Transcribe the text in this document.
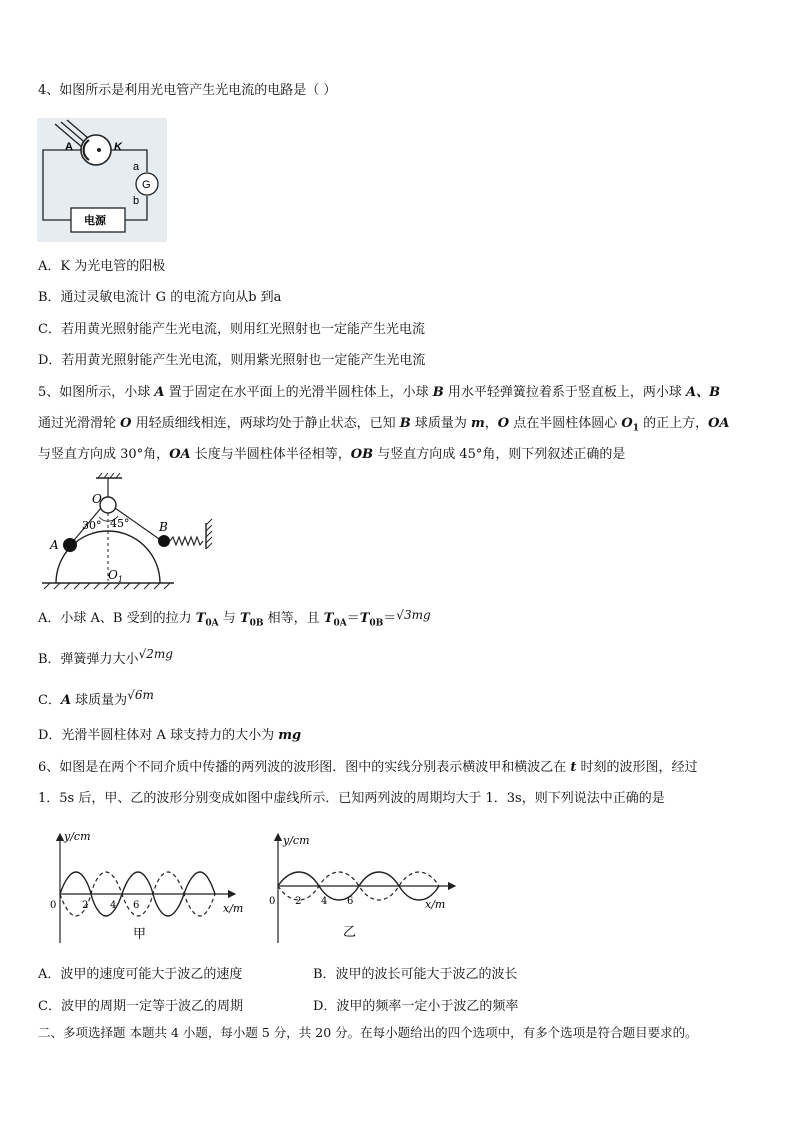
4、如图所示是利用光电管产生光电流的电路是（ ）
A	K
a
b
G
电源
A．K 为光电管的阳极
B．通过灵敏电流计 G 的电流方向从b 到a
C．若用黄光照射能产生光电流，则用红光照射也一定能产生光电流
D．若用黄光照射能产生光电流，则用紫光照射也一定能产生光电流
5、如图所示，小球 A 置于固定在水平面上的光滑半圆柱体上，小球 B 用水平轻弹簧拉着系于竖直板上，两小球 A、B
通过光滑滑轮 O 用轻质细线相连，两球均处于静止状态，已知 B 球质量为 m，O 点在半圆柱体圆心 $O_1$ 的正上方，OA
与竖直方向成 30°角，OA 长度与半圆柱体半径相等，OB 与竖直方向成 45°角，则下列叙述正确的是
O
B
A
$O_1$
30° 45°
A．小球 A、B 受到的拉力 $T_{0A}$ 与 $T_{0B}$ 相等，且 $T_{0A}=T_{0B}=√3mg$
B．弹簧弹力大小√2mg
C．A 球质量为√6m
D．光滑半圆柱体对 A 球支持力的大小为 mg
6、如图是在两个不同介质中传播的两列波的波形图．图中的实线分别表示横波甲和横波乙在 t 时刻的波形图，经过
1．5s 后，甲、乙的波形分别变成如图中虚线所示．已知两列波的周期均大于 1．3s，则下列说法中正确的是
y/cm
x/m
0	2 4 6
甲
y/cm
x/m
0 2 4 6
乙
A．波甲的速度可能大于波乙的速度	B．波甲的波长可能大于波乙的波长
C．波甲的周期一定等于波乙的周期	D．波甲的频率一定小于波乙的频率
二、多项选择题 本题共 4 小题，每小题 5 分，共 20 分。在每小题给出的四个选项中，有多个选项是符合题目要求的。
